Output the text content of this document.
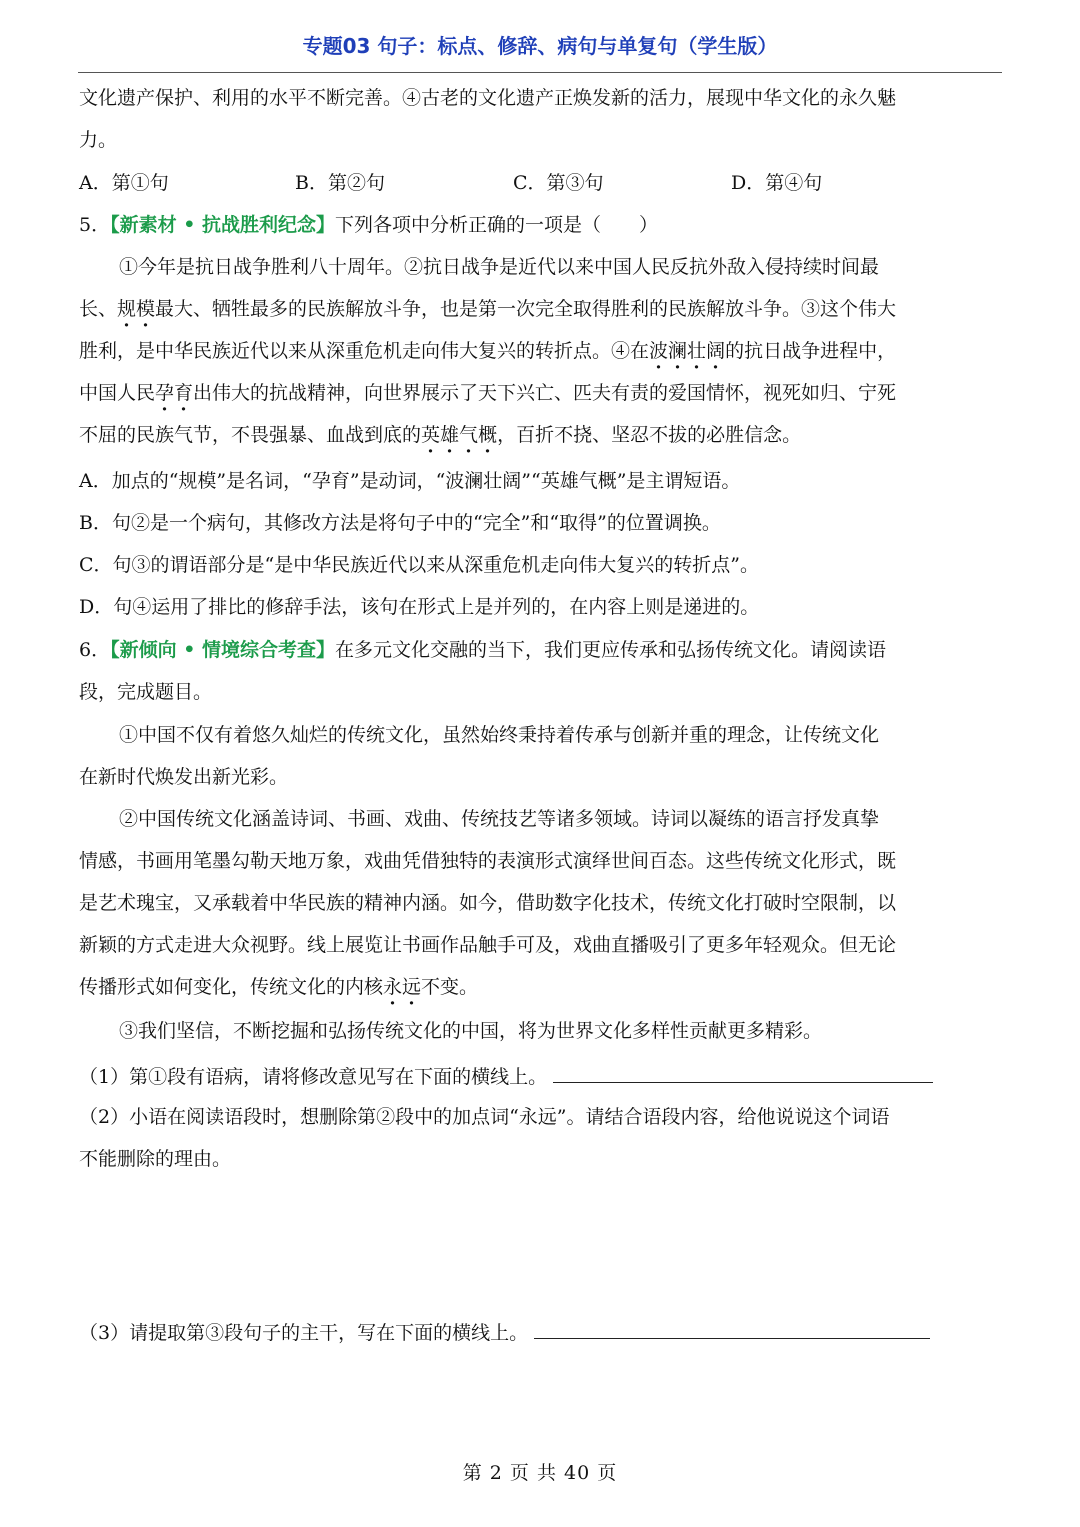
专题03 句子：标点、修辞、病句与单复句（学生版）
文化遗产保护、利用的水平不断完善。④古老的文化遗产正焕发新的活力，展现中华文化的永久魅
力。
A．第①句	B．第②句	C．第③句	D．第④句
5．【新素材 • 抗战胜利纪念】下列各项中分析正确的一项是（　　）
①今年是抗日战争胜利八十周年。②抗日战争是近代以来中国人民反抗外敌入侵持续时间最
长、规模最大、牺牲最多的民族解放斗争，也是第一次完全取得胜利的民族解放斗争。③这个伟大
胜利，是中华民族近代以来从深重危机走向伟大复兴的转折点。④在波澜壮阔的抗日战争进程中，
中国人民孕育出伟大的抗战精神，向世界展示了天下兴亡、匹夫有责的爱国情怀，视死如归、宁死
不屈的民族气节，不畏强暴、血战到底的英雄气概，百折不挠、坚忍不拔的必胜信念。
A．加点的“规模”是名词，“孕育”是动词，“波澜壮阔”“英雄气概”是主谓短语。
B．句②是一个病句，其修改方法是将句子中的“完全”和“取得”的位置调换。
C．句③的谓语部分是“是中华民族近代以来从深重危机走向伟大复兴的转折点”。
D．句④运用了排比的修辞手法，该句在形式上是并列的，在内容上则是递进的。
6．【新倾向 • 情境综合考查】在多元文化交融的当下，我们更应传承和弘扬传统文化。请阅读语
段，完成题目。
①中国不仅有着悠久灿烂的传统文化，虽然始终秉持着传承与创新并重的理念，让传统文化
在新时代焕发出新光彩。
②中国传统文化涵盖诗词、书画、戏曲、传统技艺等诸多领域。诗词以凝练的语言抒发真挚
情感，书画用笔墨勾勒天地万象，戏曲凭借独特的表演形式演绎世间百态。这些传统文化形式，既
是艺术瑰宝，又承载着中华民族的精神内涵。如今，借助数字化技术，传统文化打破时空限制，以
新颖的方式走进大众视野。线上展览让书画作品触手可及，戏曲直播吸引了更多年轻观众。但无论
传播形式如何变化，传统文化的内核永远不变。
③我们坚信，不断挖掘和弘扬传统文化的中国，将为世界文化多样性贡献更多精彩。
（1）第①段有语病，请将修改意见写在下面的横线上。
（2）小语在阅读语段时，想删除第②段中的加点词“永远”。请结合语段内容，给他说说这个词语
不能删除的理由。
（3）请提取第③段句子的主干，写在下面的横线上。
第 2 页 共 40 页
